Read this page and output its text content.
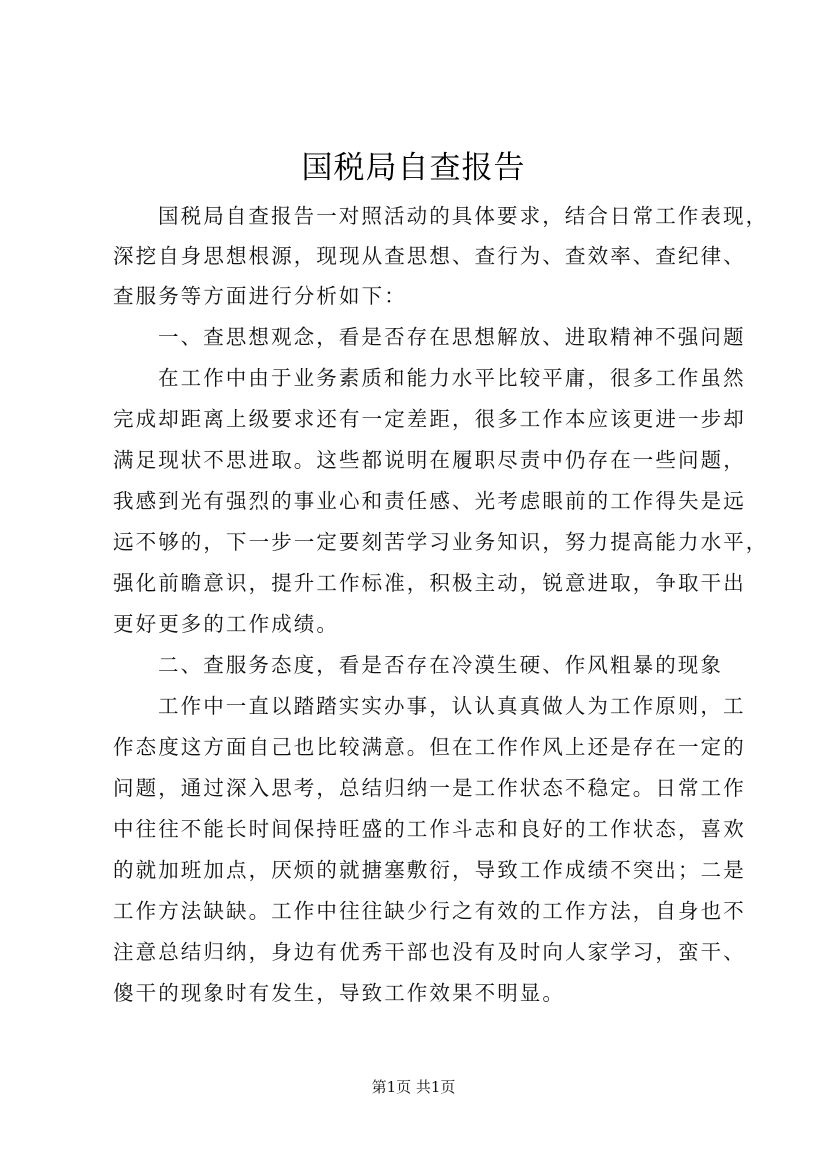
国税局自查报告
国税局自查报告一对照活动的具体要求，结合日常工作表现，
深挖自身思想根源，现现从查思想、查行为、查效率、查纪律、
查服务等方面进行分析如下：
一、查思想观念，看是否存在思想解放、进取精神不强问题
在工作中由于业务素质和能力水平比较平庸，很多工作虽然
完成却距离上级要求还有一定差距，很多工作本应该更进一步却
满足现状不思进取。这些都说明在履职尽责中仍存在一些问题，
我感到光有强烈的事业心和责任感、光考虑眼前的工作得失是远
远不够的，下一步一定要刻苦学习业务知识，努力提高能力水平，
强化前瞻意识，提升工作标准，积极主动，锐意进取，争取干出
更好更多的工作成绩。
二、查服务态度，看是否存在冷漠生硬、作风粗暴的现象
工作中一直以踏踏实实办事，认认真真做人为工作原则，工
作态度这方面自己也比较满意。但在工作作风上还是存在一定的
问题，通过深入思考，总结归纳一是工作状态不稳定。日常工作
中往往不能长时间保持旺盛的工作斗志和良好的工作状态，喜欢
的就加班加点，厌烦的就搪塞敷衍，导致工作成绩不突出；二是
工作方法缺缺。工作中往往缺少行之有效的工作方法，自身也不
注意总结归纳，身边有优秀干部也没有及时向人家学习，蛮干、
傻干的现象时有发生，导致工作效果不明显。
第1页 共1页
